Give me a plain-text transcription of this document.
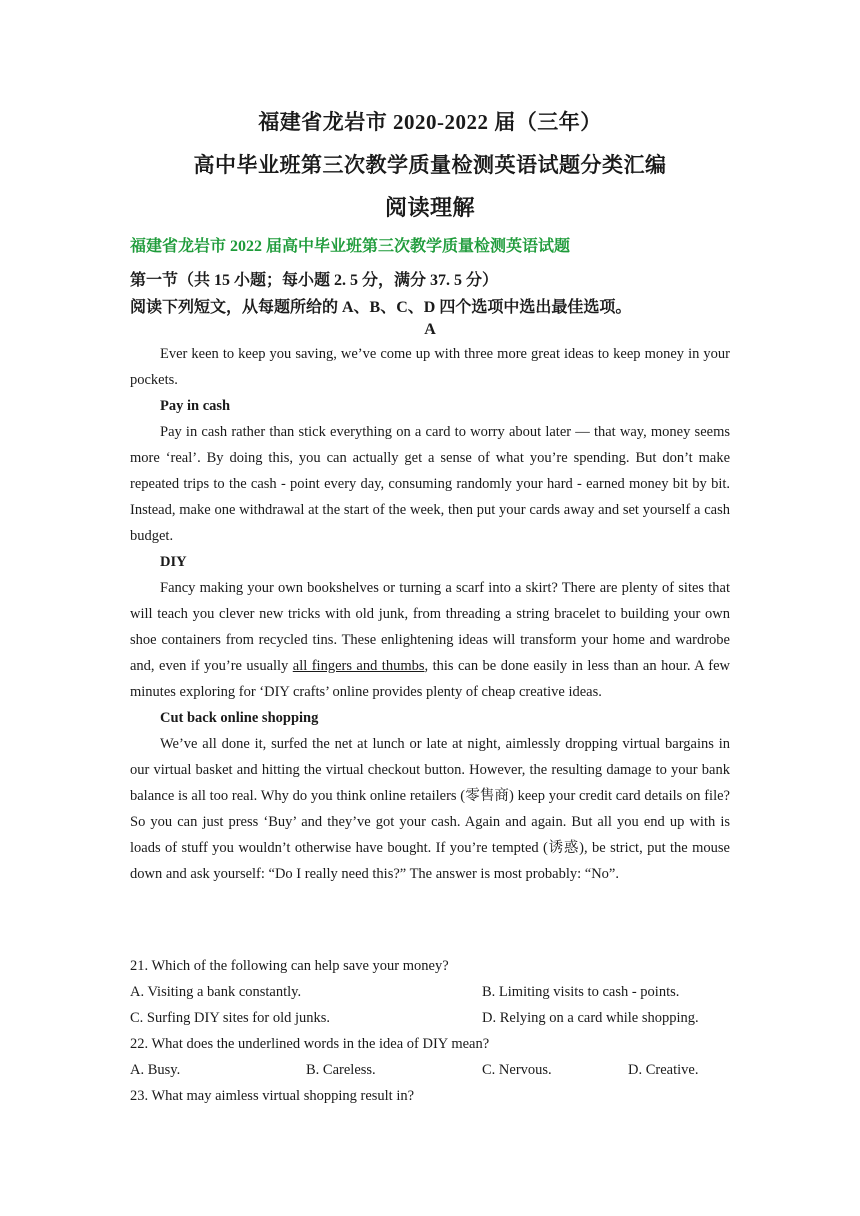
福建省龙岩市 2020-2022 届（三年）
高中毕业班第三次教学质量检测英语试题分类汇编
阅读理解
福建省龙岩市 2022 届高中毕业班第三次教学质量检测英语试题
第一节（共 15 小题；每小题 2. 5 分，满分 37. 5 分）
阅读下列短文，从每题所给的 A、B、C、D 四个选项中选出最佳选项。
A

Ever keen to keep you saving, we’ve come up with three more great ideas to keep money in your pockets.

Pay in cash

Pay in cash rather than stick everything on a card to worry about later — that way, money seems more ‘real’. By doing this, you can actually get a sense of what you’re spending. But don’t make repeated trips to the cash - point every day, consuming randomly your hard - earned money bit by bit. Instead, make one withdrawal at the start of the week, then put your cards away and set yourself a cash budget.

DIY

Fancy making your own bookshelves or turning a scarf into a skirt? There are plenty of sites that will teach you clever new tricks with old junk, from threading a string bracelet to building your own shoe containers from recycled tins. These enlightening ideas will transform your home and wardrobe and, even if you’re usually all fingers and thumbs, this can be done easily in less than an hour. A few minutes exploring for ‘DIY crafts’ online provides plenty of cheap creative ideas.

Cut back online shopping

We’ve all done it, surfed the net at lunch or late at night, aimlessly dropping virtual bargains in our virtual basket and hitting the virtual checkout button. However, the resulting damage to your bank balance is all too real. Why do you think online retailers (零售商) keep your credit card details on file? So you can just press ‘Buy’ and they’ve got your cash. Again and again. But all you end up with is loads of stuff you wouldn’t otherwise have bought. If you’re tempted (诱惑), be strict, put the mouse down and ask yourself: “Do I really need this?” The answer is most probably: “No”.

21. Which of the following can help save your money?
A. Visiting a bank constantly.	B. Limiting visits to cash - points.
C. Surfing DIY sites for old junks.	D. Relying on a card while shopping.
22. What does the underlined words in the idea of DIY mean?
A. Busy.	B. Careless.	C. Nervous.	D. Creative.
23. What may aimless virtual shopping result in?
